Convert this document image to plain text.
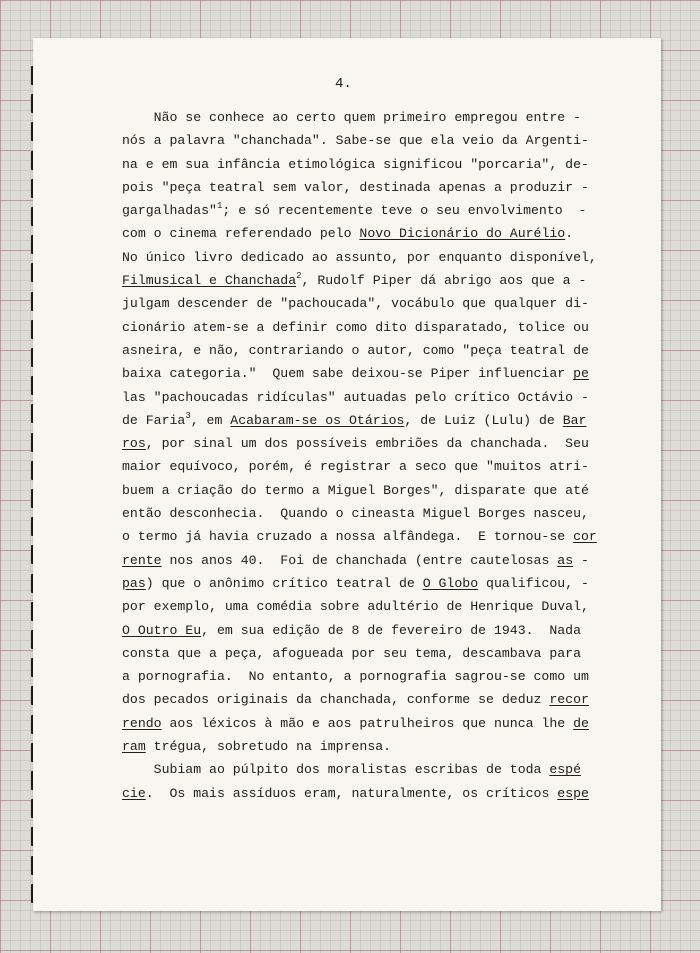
4.
Não se conhece ao certo quem primeiro empregou entre -
nós a palavra "chanchada". Sabe-se que ela veio da Argenti-
na e em sua infância etimológica significou "porcaria", de-
pois "peça teatral sem valor, destinada apenas a produzir -
gargalhadas"$^1$; e só recentemente teve o seu envolvimento  -
com o cinema referendado pelo Novo Dicionário do Aurélio.
No único livro dedicado ao assunto, por enquanto disponível,
Filmusical e Chanchada$^2$, Rudolf Piper dá abrigo aos que a -
julgam descender de "pachoucada", vocábulo que qualquer di-
cionário atem-se a definir como dito disparatado, tolice ou
asneira, e não, contrariando o autor, como "peça teatral de
baixa categoria."  Quem sabe deixou-se Piper influenciar pe
las "pachoucadas ridículas" autuadas pelo crítico Octávio -
de Faria$^3$, em Acabaram-se os Otários, de Luiz (Lulu) de Bar
ros, por sinal um dos possíveis embriões da chanchada.  Seu
maior equívoco, porém, é registrar a seco que "muitos atri-
buem a criação do termo a Miguel Borges", disparate que até
então desconhecia.  Quando o cineasta Miguel Borges nasceu,
o termo já havia cruzado a nossa alfândega.  E tornou-se cor
rente nos anos 40.  Foi de chanchada (entre cautelosas as -
pas) que o anônimo crítico teatral de O Globo qualificou, -
por exemplo, uma comédia sobre adultério de Henrique Duval,
O Outro Eu, em sua edição de 8 de fevereiro de 1943.  Nada
consta que a peça, afogueada por seu tema, descambava para
a pornografia.  No entanto, a pornografia sagrou-se como um
dos pecados originais da chanchada, conforme se deduz recor
rendo aos léxicos à mão e aos patrulheiros que nunca lhe de
ram trégua, sobretudo na imprensa.
Subiam ao púlpito dos moralistas escribas de toda espé
cie.  Os mais assíduos eram, naturalmente, os críticos espe
